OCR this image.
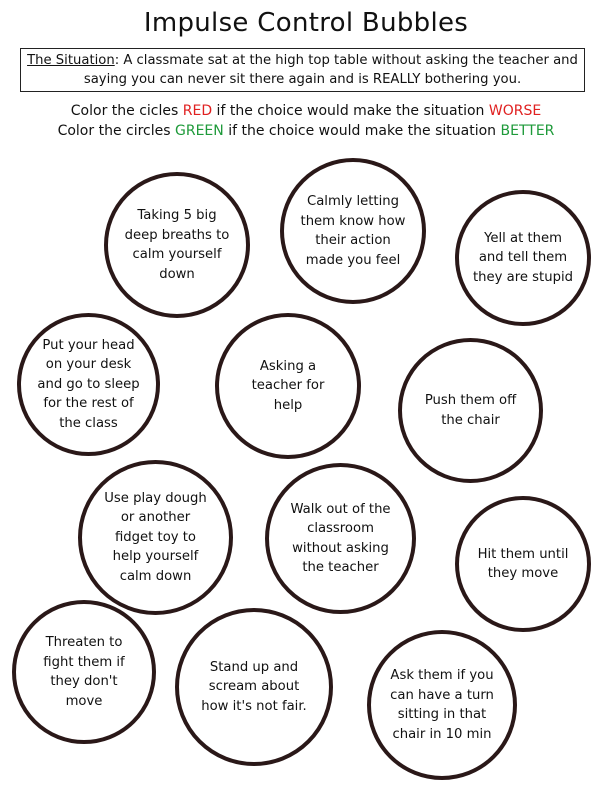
Impulse Control Bubbles
The Situation: A classmate sat at the high top table without asking the teacher and saying you can never sit there again and is REALLY bothering you.
Color the cicles RED if the choice would make the situation WORSE
Color the circles GREEN if the choice would make the situation BETTER
Taking 5 big deep breaths to calm yourself down
Calmly letting them know how their action made you feel
Yell at them and tell them they are stupid
Put your head on your desk and go to sleep for the rest of the class
Asking a teacher for help	Push them off the chair
Use play dough or another fidget toy to help yourself calm down
Walk out of the classroom without asking the teacher
Hit them until they move
Threaten to fight them if they don't move
Stand up and scream about how it's not fair.
Ask them if you can have a turn sitting in that chair in 10 min
